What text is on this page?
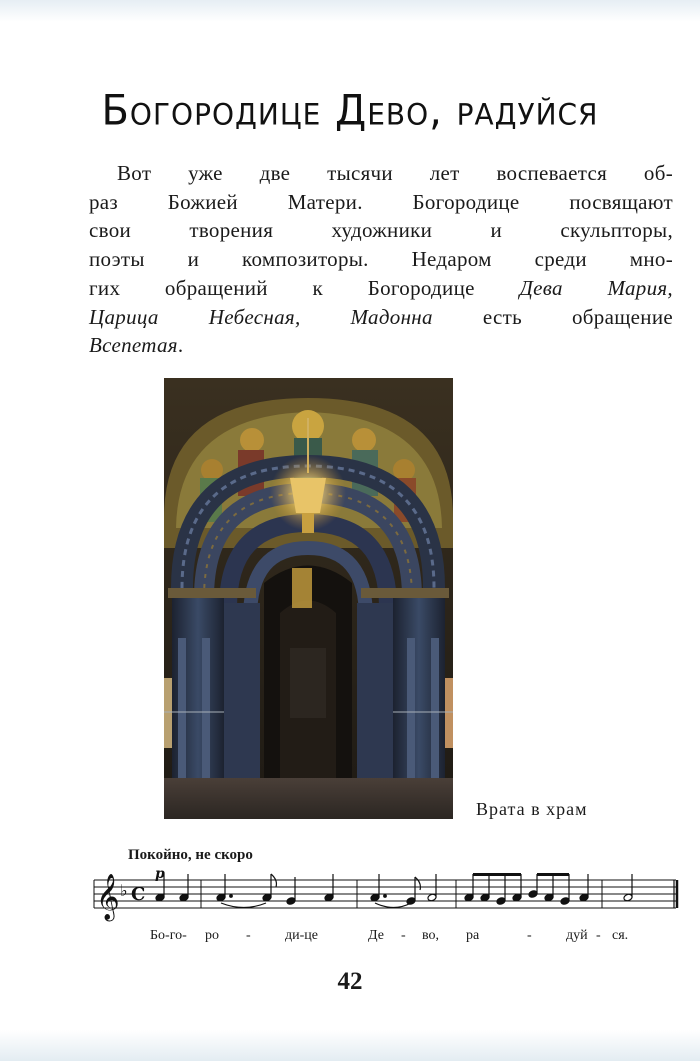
Богородице Дево, радуйся
Вот уже две тысячи лет воспевается об-
раз Божией Матери. Богородице посвящают
свои творения художники и скульпторы,
поэты и композиторы. Недаром среди мно-
гих обращений к Богородице Дева Мария,
Царица Небесная, Мадонна есть обращение
Всепетая.
Врата в храм
Покойно, не скоро
𝄞 ♭ C
p
Бо-го- ро - ди-це	Де - во, ра	- дуй - ся.
42
